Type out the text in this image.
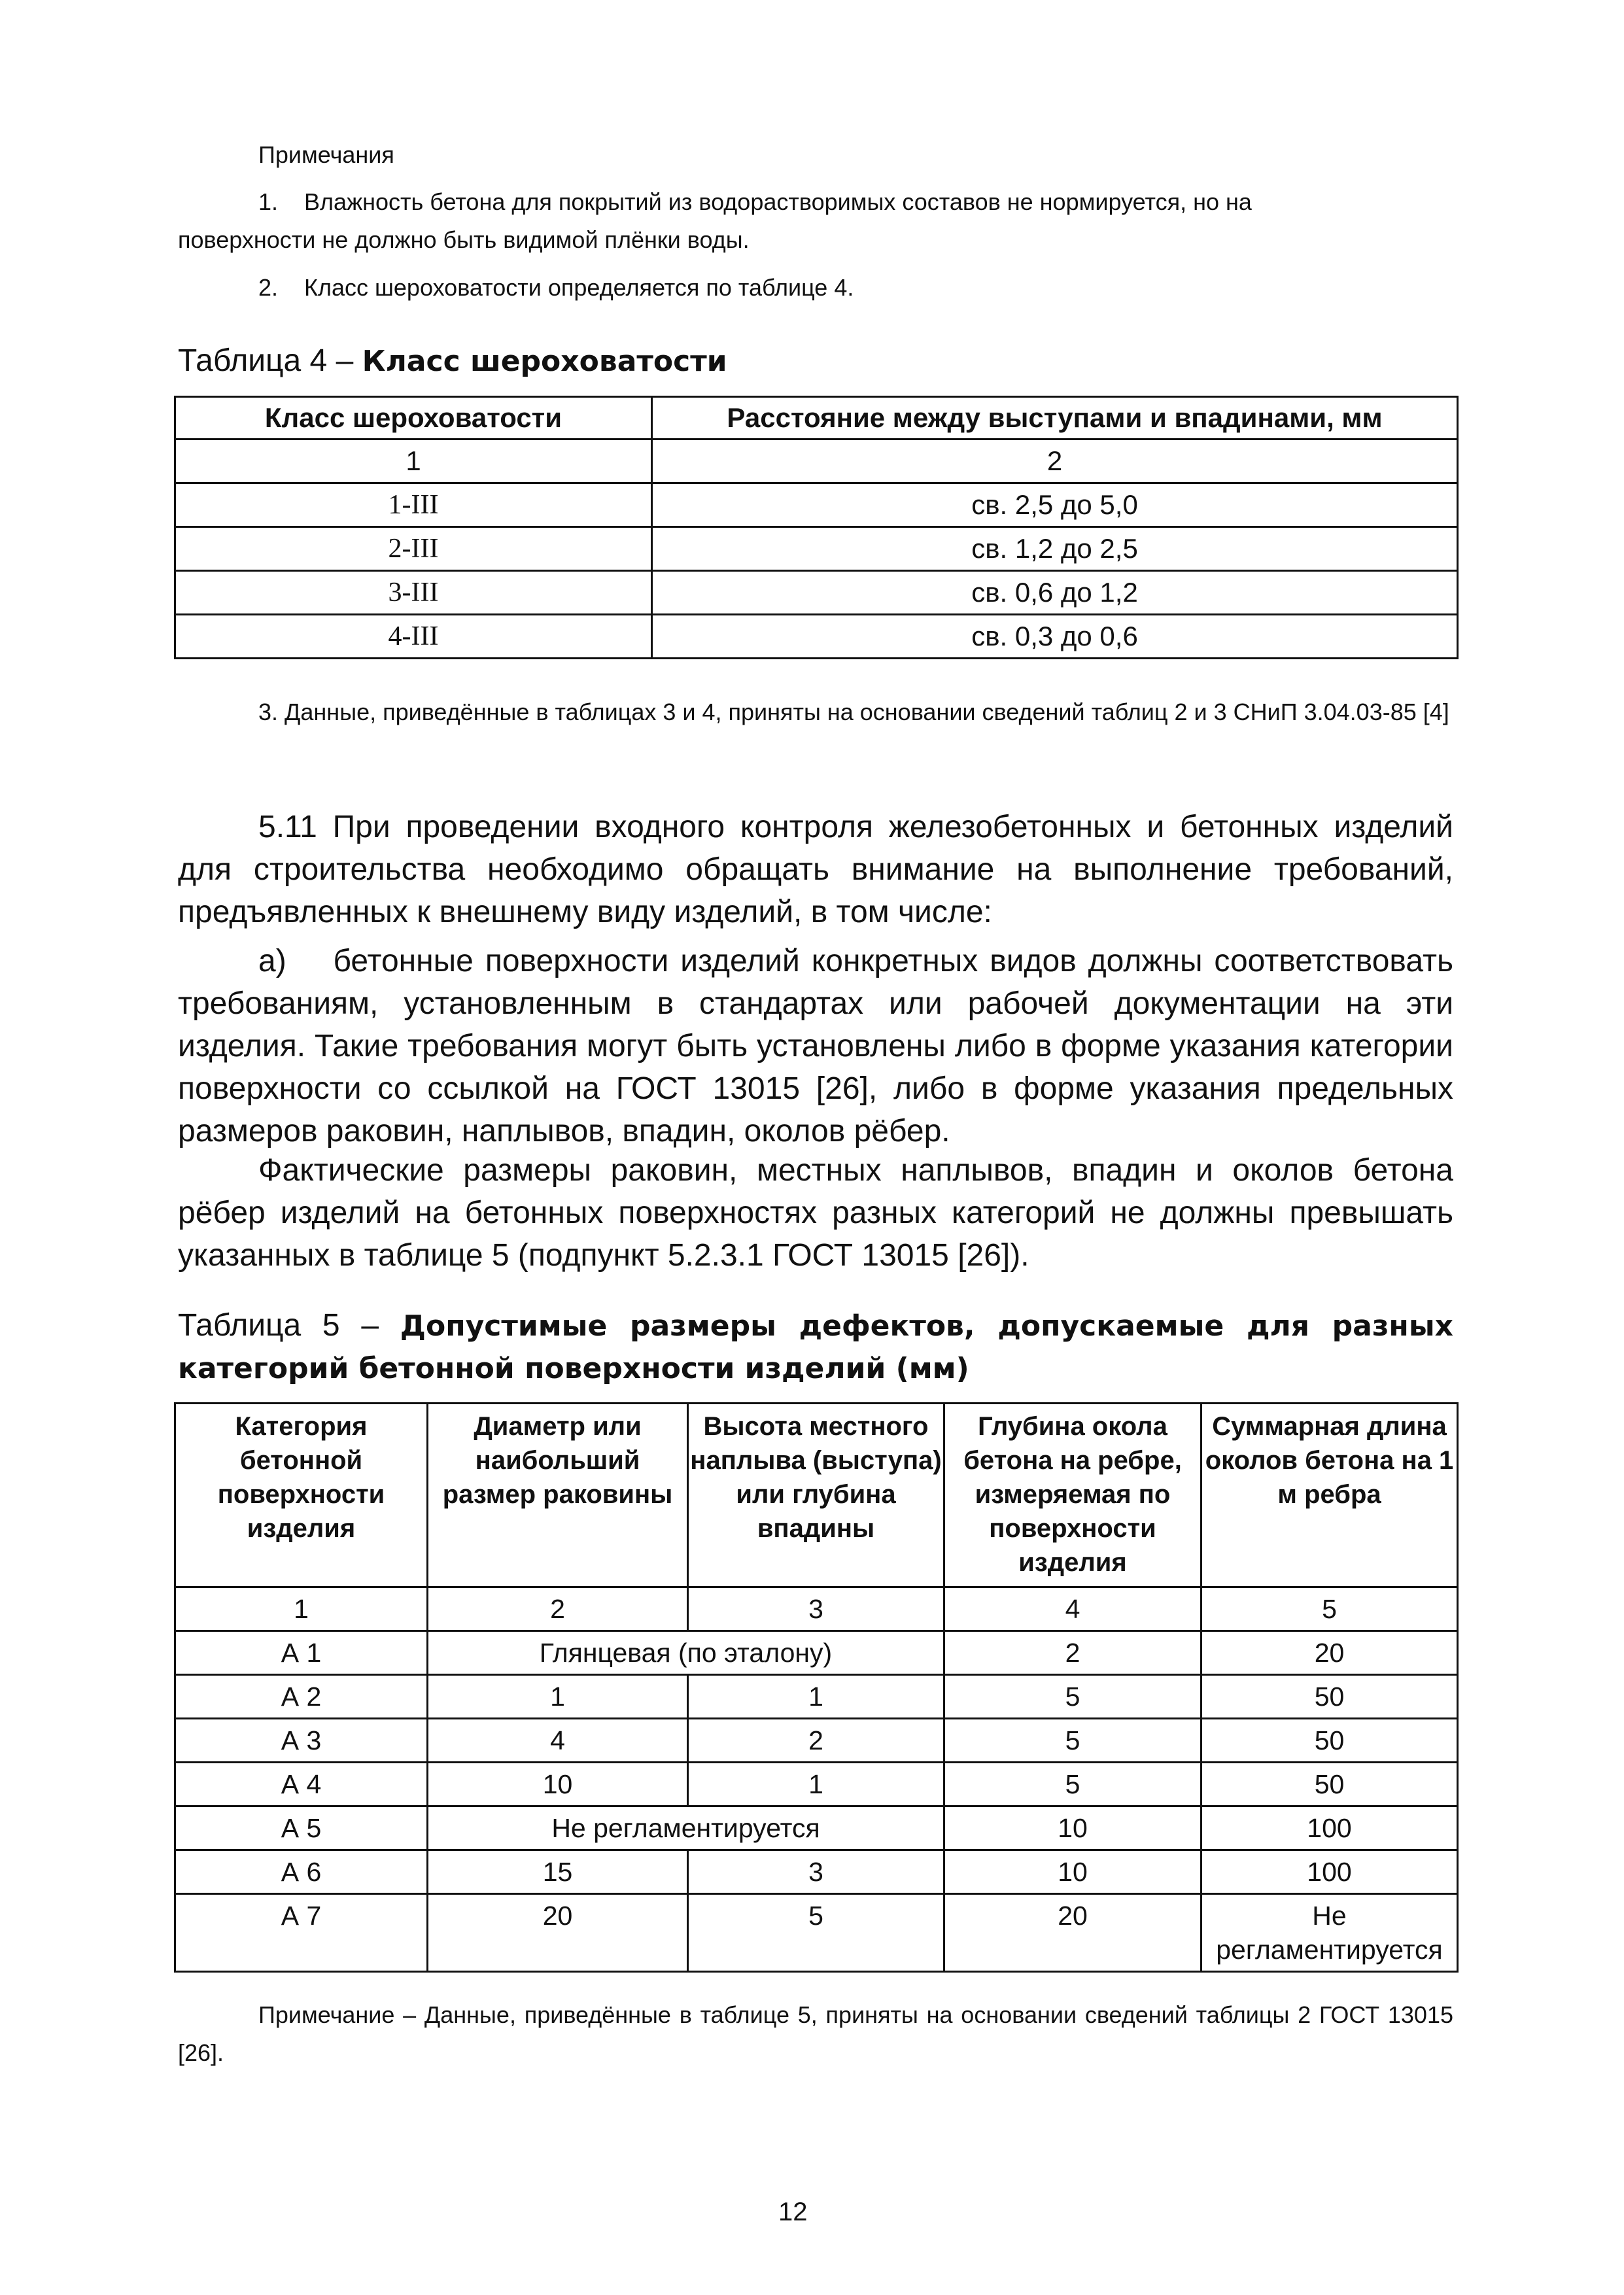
Примечания
1.    Влажность бетона для покрытий из водорастворимых составов не нормируется, но на
поверхности не должно быть видимой плёнки воды.
2.    Класс шероховатости определяется по таблице 4.
Таблица 4 – Класс шероховатости
Класс шероховатости	Расстояние между выступами и впадинами, мм
1	2
1-III	св. 2,5 до 5,0
2-III	св. 1,2 до 2,5
3-III	св. 0,6 до 1,2
4-III	св. 0,3 до 0,6
3. Данные, приведённые в таблицах 3 и 4, приняты на основании сведений таблиц 2 и 3 СНиП 3.04.03-85 [4]
5.11 При проведении входного контроля железобетонных и бетонных изделий для строительства необходимо обращать внимание на выполнение требований, предъявленных к внешнему виду изделий, в том числе:
а)    бетонные поверхности изделий конкретных видов должны соответствовать требованиям, установленным в стандартах или рабочей документации на эти изделия. Такие требования могут быть установлены либо в форме указания категории поверхности со ссылкой на ГОСТ 13015 [26], либо в форме указания предельных размеров раковин, наплывов, впадин, околов рёбер.
Фактические размеры раковин, местных наплывов, впадин и околов бетона рёбер изделий на бетонных поверхностях разных категорий не должны превышать указанных в таблице 5 (подпункт 5.2.3.1 ГОСТ 13015 [26]).
Таблица 5 – Допустимые размеры дефектов, допускаемые для разных категорий бетонной поверхности изделий (мм)
Категория бетонной поверхности изделия	Диаметр или наибольший размер раковины	Высота местного наплыва (выступа) или глубина впадины	Глубина окола бетона на ребре, измеряемая по поверхности изделия	Суммарная длина околов бетона на 1 м ребра
1	2	3	4	5
А 1	Глянцевая (по эталону)		2	20
А 2	1	1	5	50
А 3	4	2	5	50
А 4	10	1	5	50
А 5	Не регламентируется		10	100
А 6	15	3	10	100
А 7	20	5	20	Не регламентируется
Примечание – Данные, приведённые в таблице 5, приняты на основании сведений таблицы 2 ГОСТ 13015 [26].
12
